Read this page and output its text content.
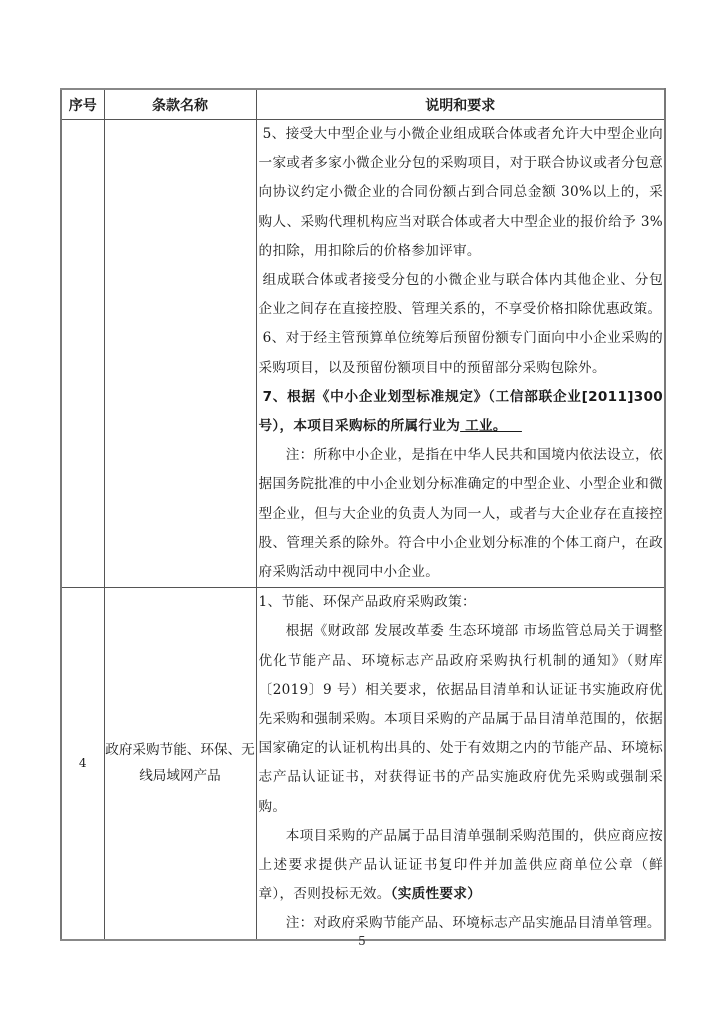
序号	条款名称	说明和要求

		5、接受大中型企业与小微企业组成联合体或者允许大中型企业向一家或者多家小微企业分包的采购项目，对于联合协议或者分包意向协议约定小微企业的合同份额占到合同总金额 30%以上的，采购人、采购代理机构应当对联合体或者大中型企业的报价给予 3%的扣除，用扣除后的价格参加评审。

组成联合体或者接受分包的小微企业与联合体内其他企业、分包企业之间存在直接控股、管理关系的，不享受价格扣除优惠政策。

6、对于经主管预算单位统筹后预留份额专门面向中小企业采购的采购项目，以及预留份额项目中的预留部分采购包除外。

7、根据《中小企业划型标准规定》（工信部联企业[2011]300号），本项目采购标的所属行业为 工业。

注：所称中小企业，是指在中华人民共和国境内依法设立，依据国务院批准的中小企业划分标准确定的中型企业、小型企业和微型企业，但与大企业的负责人为同一人，或者与大企业存在直接控股、管理关系的除外。符合中小企业划分标准的个体工商户，在政府采购活动中视同中小企业。

4	政府采购节能、环保、无线局域网产品	1、节能、环保产品政府采购政策：

根据《财政部 发展改革委 生态环境部 市场监管总局关于调整优化节能产品、环境标志产品政府采购执行机制的通知》（财库〔2019〕9 号）相关要求，依据品目清单和认证证书实施政府优先采购和强制采购。本项目采购的产品属于品目清单范围的，依据国家确定的认证机构出具的、处于有效期之内的节能产品、环境标志产品认证证书，对获得证书的产品实施政府优先采购或强制采购。

本项目采购的产品属于品目清单强制采购范围的，供应商应按上述要求提供产品认证证书复印件并加盖供应商单位公章（鲜章），否则投标无效。（实质性要求）

注：对政府采购节能产品、环境标志产品实施品目清单管理。

5
